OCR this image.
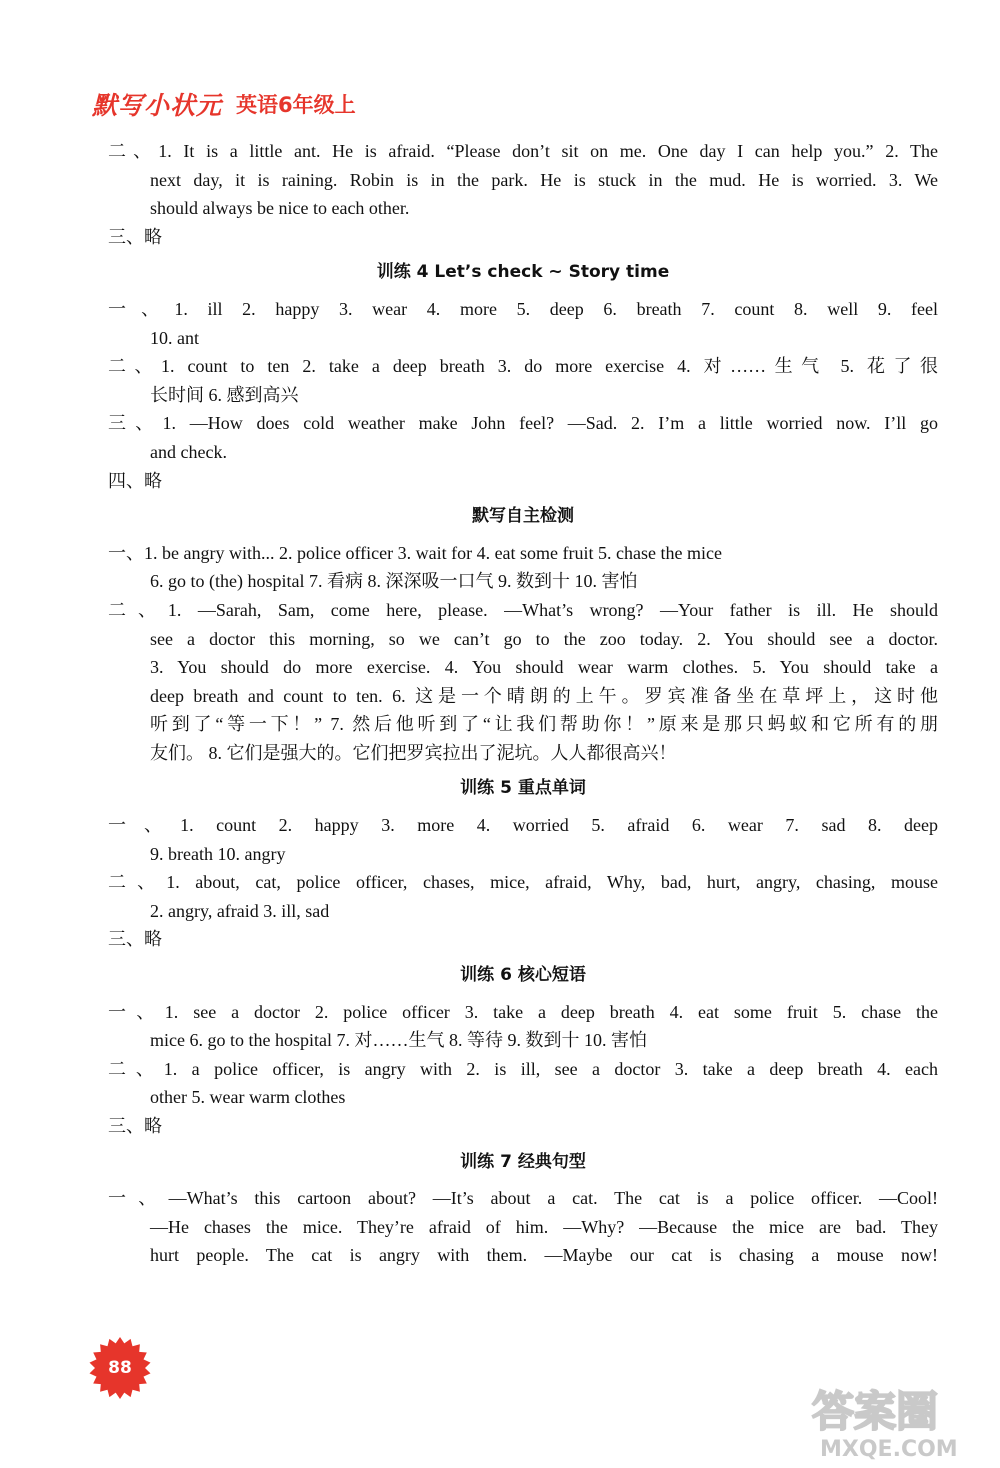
默写小状元 英语6年级上
二、1. It is a little ant. He is afraid. “Please don’t sit on me. One day I can help you.” 2. The
next day, it is raining. Robin is in the park. He is stuck in the mud. He is worried. 3. We
should always be nice to each other.
三、略
训练 4 Let’s check ~ Story time
一、1. ill 2. happy 3. wear 4. more 5. deep 6. breath 7. count 8. well 9. feel
10. ant
二、1. count to ten 2. take a deep breath 3. do more exercise 4. 对……生气 5. 花了很
长时间 6. 感到高兴
三、1. —How does cold weather make John feel? —Sad. 2. I’m a little worried now. I’ll go
and check.
四、略
默写自主检测
一、1. be angry with... 2. police officer 3. wait for 4. eat some fruit 5. chase the mice
6. go to (the) hospital 7. 看病 8. 深深吸一口气 9. 数到十 10. 害怕
二、1. —Sarah, Sam, come here, please. —What’s wrong? —Your father is ill. He should
see a doctor this morning, so we can’t go to the zoo today. 2. You should see a doctor.
3. You should do more exercise. 4. You should wear warm clothes. 5. You should take a
deep breath and count to ten. 6. 这是一个晴朗的上午。罗宾准备坐在草坪上，这时他
听到了“等一下！” 7. 然后他听到了“让我们帮助你！”原来是那只蚂蚁和它所有的朋
友们。 8. 它们是强大的。它们把罗宾拉出了泥坑。人人都很高兴！
训练 5 重点单词
一、1. count 2. happy 3. more 4. worried 5. afraid 6. wear 7. sad 8. deep
9. breath 10. angry
二、1. about, cat, police officer, chases, mice, afraid, Why, bad, hurt, angry, chasing, mouse
2. angry, afraid 3. ill, sad
三、略
训练 6 核心短语
一、1. see a doctor 2. police officer 3. take a deep breath 4. eat some fruit 5. chase the
mice 6. go to the hospital 7. 对……生气 8. 等待 9. 数到十 10. 害怕
二、1. a police officer, is angry with 2. is ill, see a doctor 3. take a deep breath 4. each
other 5. wear warm clothes
三、略
训练 7 经典句型
一、—What’s this cartoon about? —It’s about a cat. The cat is a police officer. —Cool!
—He chases the mice. They’re afraid of him. —Why? —Because the mice are bad. They
hurt people. The cat is angry with them. —Maybe our cat is chasing a mouse now!
88
答案圈
MXQE.COM
